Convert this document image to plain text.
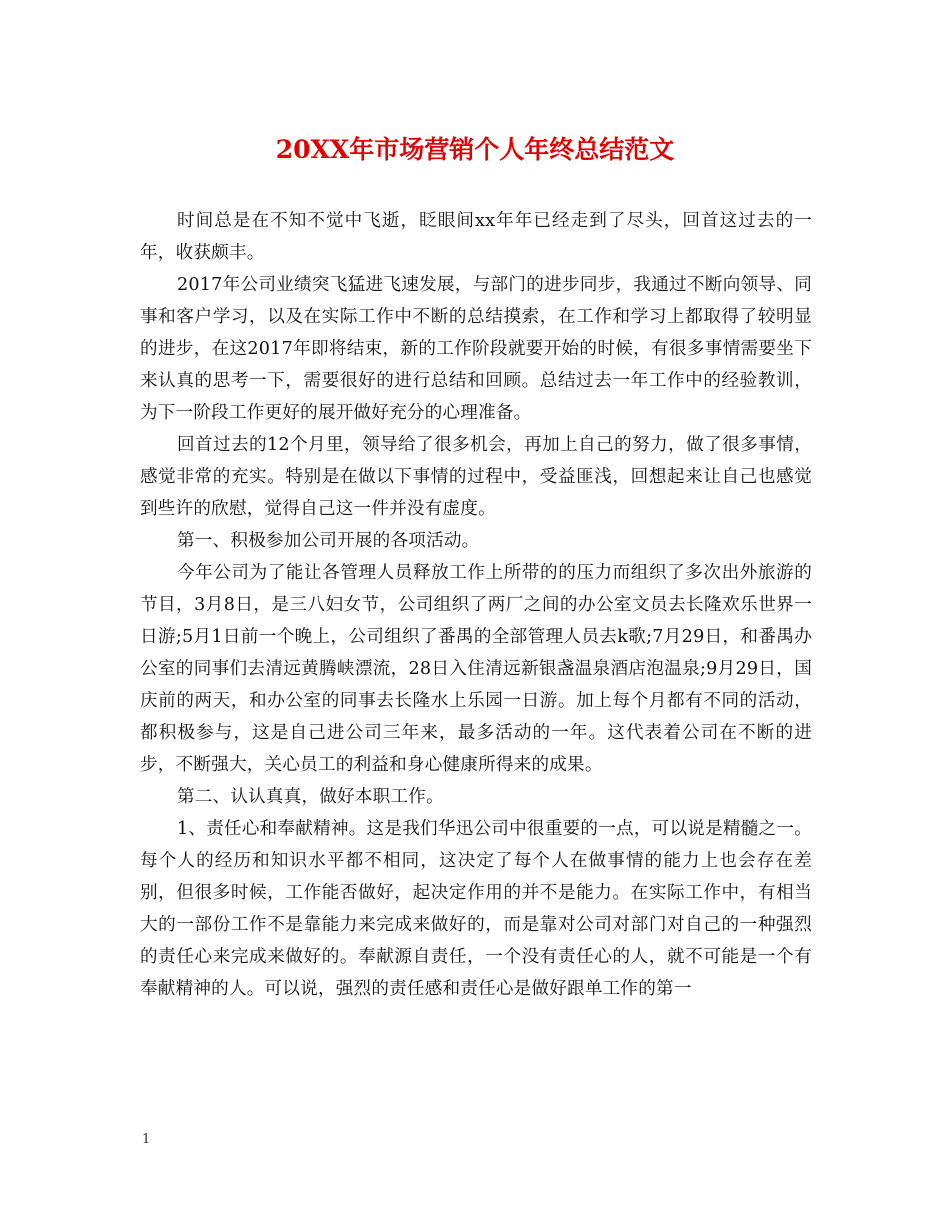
20XX年市场营销个人年终总结范文

时间总是在不知不觉中飞逝，眨眼间xx年年已经走到了尽头，回首这过去的一年，收获颇丰。

2017年公司业绩突飞猛进飞速发展，与部门的进步同步，我通过不断向领导、同事和客户学习，以及在实际工作中不断的总结摸索，在工作和学习上都取得了较明显的进步，在这2017年即将结束，新的工作阶段就要开始的时候，有很多事情需要坐下来认真的思考一下，需要很好的进行总结和回顾。总结过去一年工作中的经验教训，为下一阶段工作更好的展开做好充分的心理准备。

回首过去的12个月里，领导给了很多机会，再加上自己的努力，做了很多事情，感觉非常的充实。特别是在做以下事情的过程中，受益匪浅，回想起来让自己也感觉到些许的欣慰，觉得自己这一件并没有虚度。

第一、积极参加公司开展的各项活动。

今年公司为了能让各管理人员释放工作上所带的的压力而组织了多次出外旅游的节目，3月8日，是三八妇女节，公司组织了两厂之间的办公室文员去长隆欢乐世界一日游;5月1日前一个晚上，公司组织了番禺的全部管理人员去k歌;7月29日，和番禺办公室的同事们去清远黄腾峡漂流，28日入住清远新银盏温泉酒店泡温泉;9月29日，国庆前的两天，和办公室的同事去长隆水上乐园一日游。加上每个月都有不同的活动，都积极参与，这是自己进公司三年来，最多活动的一年。这代表着公司在不断的进步，不断强大，关心员工的利益和身心健康所得来的成果。

第二、认认真真，做好本职工作。

1、责任心和奉献精神。这是我们华迅公司中很重要的一点，可以说是精髓之一。每个人的经历和知识水平都不相同，这决定了每个人在做事情的能力上也会存在差别，但很多时候，工作能否做好，起决定作用的并不是能力。在实际工作中，有相当大的一部份工作不是靠能力来完成来做好的，而是靠对公司对部门对自己的一种强烈的责任心来完成来做好的。奉献源自责任，一个没有责任心的人，就不可能是一个有奉献精神的人。可以说，强烈的责任感和责任心是做好跟单工作的第一

1
